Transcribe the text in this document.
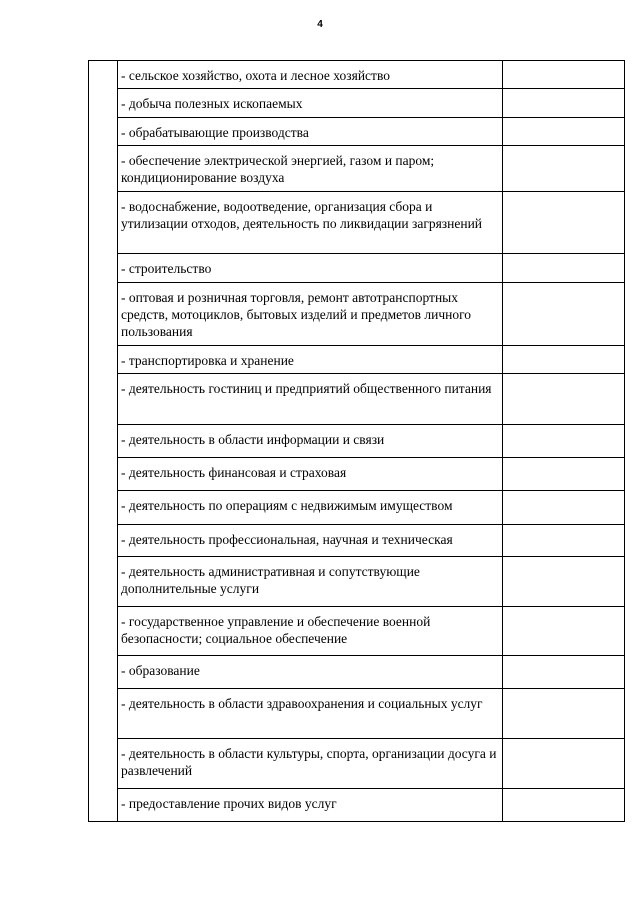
4
	- сельское хозяйство, охота и лесное хозяйство	
	- добыча полезных ископаемых	
	- обрабатывающие производства	
	- обеспечение электрической энергией, газом и паром; кондиционирование воздуха	
	- водоснабжение, водоотведение, организация сбора и утилизации отходов, деятельность по ликвидации загрязнений	
	- строительство	
	- оптовая и розничная торговля, ремонт автотранспортных средств, мотоциклов, бытовых изделий и предметов личного пользования	
	- транспортировка и хранение	
	- деятельность гостиниц и предприятий общественного питания	
	- деятельность в области информации и связи	
	- деятельность финансовая и страховая	
	- деятельность по операциям с недвижимым имуществом	
	- деятельность профессиональная, научная и техническая	
	- деятельность административная и сопутствующие дополнительные услуги	
	- государственное управление и обеспечение военной безопасности; социальное обеспечение	
	- образование	
	- деятельность в области здравоохранения и социальных услуг	
	- деятельность в области культуры, спорта, организации досуга и развлечений	
	- предоставление прочих видов услуг	
